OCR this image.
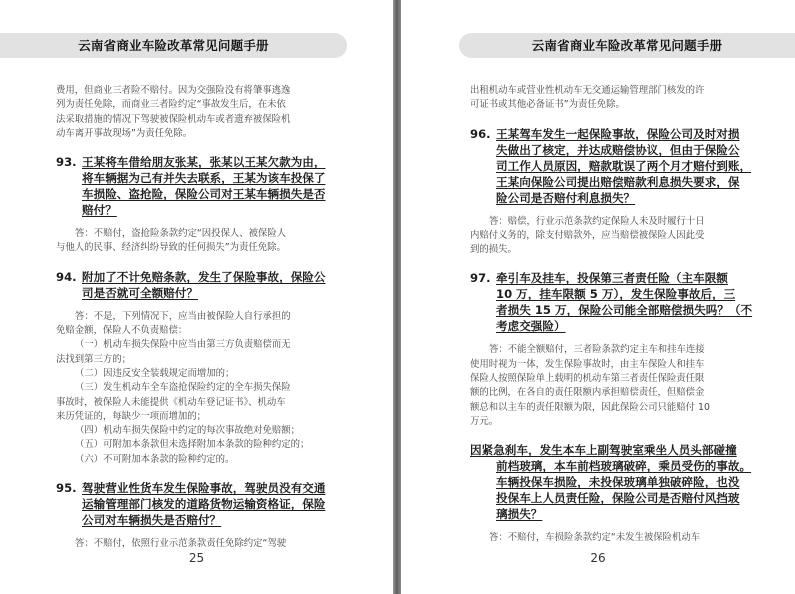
云南省商业车险改革常见问题手册
费用，但商业三者险不赔付。因为交强险没有将肇事逃逸
列为责任免除，而商业三者险约定“事故发生后，在未依
法采取措施的情况下驾驶被保险机动车或者遗弃被保险机
动车离开事故现场”为责任免除。
93. 王某将车借给朋友张某，张某以王某欠款为由，
将车辆据为己有并失去联系，王某为该车投保了
车损险、盗抢险，保险公司对王某车辆损失是否
赔付？
答：不赔付，盗抢险条款约定“因投保人、被保险人
与他人的民事、经济纠纷导致的任何损失”为责任免除。
94. 附加了不计免赔条款，发生了保险事故，保险公
司是否就可全额赔付？
答：不是，下列情况下，应当由被保险人自行承担的
免赔金额，保险人不负责赔偿：
（一）机动车损失保险中应当由第三方负责赔偿而无
法找到第三方的；
（二）因违反安全装载规定而增加的；
（三）发生机动车全车盗抢保险约定的全车损失保险
事故时，被保险人未能提供《机动车登记证书》、机动车
来历凭证的，每缺少一项而增加的；
（四）机动车损失保险中约定的每次事故绝对免赔额；
（五）可附加本条款但未选择附加本条款的险种约定的；
（六）不可附加本条款的险种约定的。
95. 驾驶营业性货车发生保险事故，驾驶员没有交通
运输管理部门核发的道路货物运输资格证，保险
公司对车辆损失是否赔付？
答：不赔付，依照行业示范条款责任免除约定“驾驶
25
云南省商业车险改革常见问题手册
出租机动车或营业性机动车无交通运输管理部门核发的许
可证书或其他必备证书”为责任免除。
96. 王某驾车发生一起保险事故，保险公司及时对损
失做出了核定，并达成赔偿协议，但由于保险公
司工作人员原因，赔款耽误了两个月才赔付到账，
王某向保险公司提出赔偿赔款利息损失要求，保
险公司是否赔付利息损失？
答：赔偿，行业示范条款约定保险人未及时履行十日
内赔付义务的，除支付赔款外，应当赔偿被保险人因此受
到的损失。
97. 牵引车及挂车，投保第三者责任险（主车限额
10 万，挂车限额 5 万），发生保险事故后，三
者损失 15 万，保险公司能全部赔偿损失吗？（不
考虑交强险）
答：不能全额赔付，三者险条款约定主车和挂车连接
使用时视为一体，发生保险事故时，由主车保险人和挂车
保险人按照保险单上载明的机动车第三者责任保险责任限
额的比例，在各自的责任限额内承担赔偿责任，但赔偿金
额总和以主车的责任限额为限，因此保险公司只能赔付 10
万元。
因紧急刹车，发生本车上副驾驶室乘坐人员头部碰撞
前档玻璃，本车前档玻璃破碎，乘员受伤的事故。
车辆投保车损险，未投保玻璃单独破碎险，也没
投保车上人员责任险，保险公司是否赔付风挡玻
璃损失？
答：不赔付，车损险条款约定“未发生被保险机动车
26
